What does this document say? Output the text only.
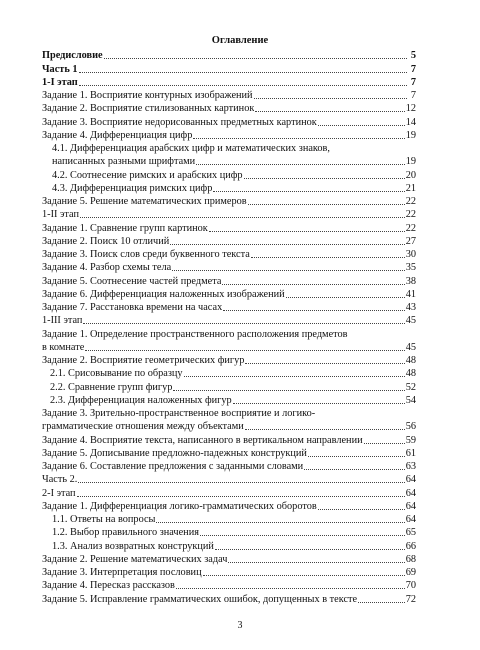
Оглавление
Предисловие	5
Часть 1	7
1-I этап	7
Задание 1. Восприятие контурных изображений	7
Задание 2. Восприятие стилизованных картинок	12
Задание 3. Восприятие недорисованных предметных картинок	14
Задание 4. Дифференциация цифр	19
4.1. Дифференциация арабских цифр и математических знаков,
написанных разными шрифтами	19
4.2. Соотнесение римских и арабских цифр	20
4.3. Дифференциация римских цифр	21
Задание 5. Решение математических примеров	22
1-II этап	22
Задание 1. Сравнение групп картинок	22
Задание 2. Поиск 10 отличий	27
Задание 3. Поиск слов среди буквенного текста	30
Задание 4. Разбор схемы тела	35
Задание 5. Соотнесение частей предмета	38
Задание 6. Дифференциация наложенных изображений	41
Задание 7. Расстановка времени на часах	43
1-III этап	45
Задание 1. Определение пространственного расположения предметов
в комнате	45
Задание 2. Восприятие геометрических фигур	48
2.1. Срисовывание по образцу	48
2.2. Сравнение групп фигур	52
2.3. Дифференциация наложенных фигур	54
Задание 3. Зрительно-пространственное восприятие и логико-
грамматические отношения между объектами	56
Задание 4. Восприятие текста, написанного в вертикальном направлении	59
Задание 5. Дописывание предложно-падежных конструкций	61
Задание 6. Составление предложения с заданными словами	63
Часть 2.	64
2-I этап	64
Задание 1. Дифференциация логико-грамматических оборотов	64
1.1. Ответы на вопросы	64
1.2. Выбор правильного значения	65
1.3. Анализ возвратных конструкций	66
Задание 2. Решение математических задач	68
Задание 3. Интерпретация пословиц	69
Задание 4. Пересказ рассказов	70
Задание 5. Исправление грамматических ошибок, допущенных в тексте	72
3
